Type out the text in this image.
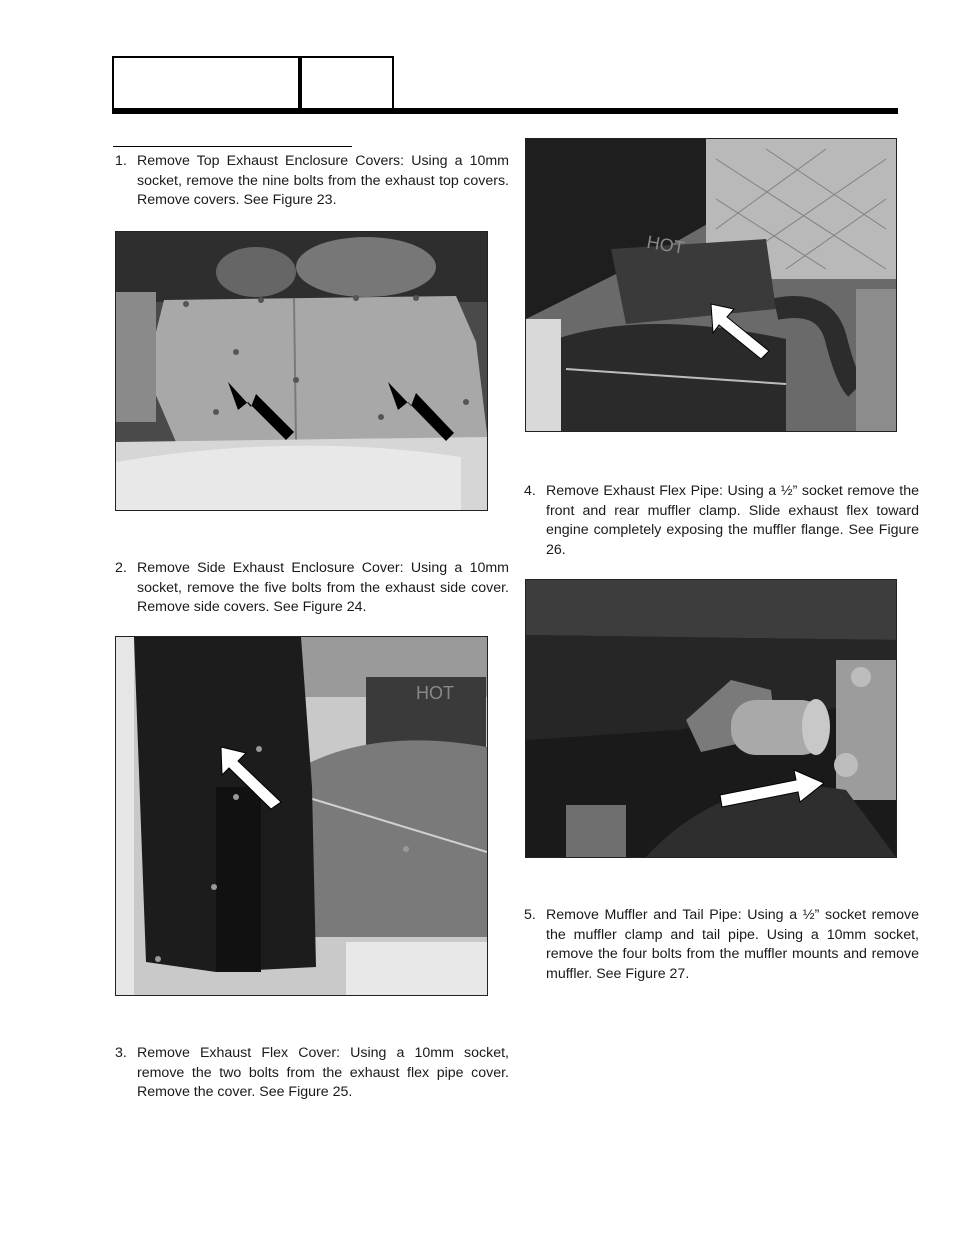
1. Remove Top Exhaust Enclosure Covers: Using a 10mm socket, remove the nine bolts from the exhaust top covers. Remove covers. See Figure 23.
2. Remove Side Exhaust Enclosure Cover: Using a 10mm socket, remove the five bolts from the exhaust side cover. Remove side covers. See Figure 24.
HOT
3. Remove Exhaust Flex Cover: Using a 10mm socket, remove the two bolts from the exhaust flex pipe cover. Remove the cover. See Figure 25.
HOT
4. Remove Exhaust Flex Pipe: Using a ½” socket remove the front and rear muffler clamp. Slide exhaust flex toward engine completely exposing the muffler flange. See Figure 26.
5. Remove Muffler and Tail Pipe: Using a ½” socket remove the muffler clamp and tail pipe. Using a 10mm socket, remove the four bolts from the muffler mounts and remove muffler. See Figure 27.
